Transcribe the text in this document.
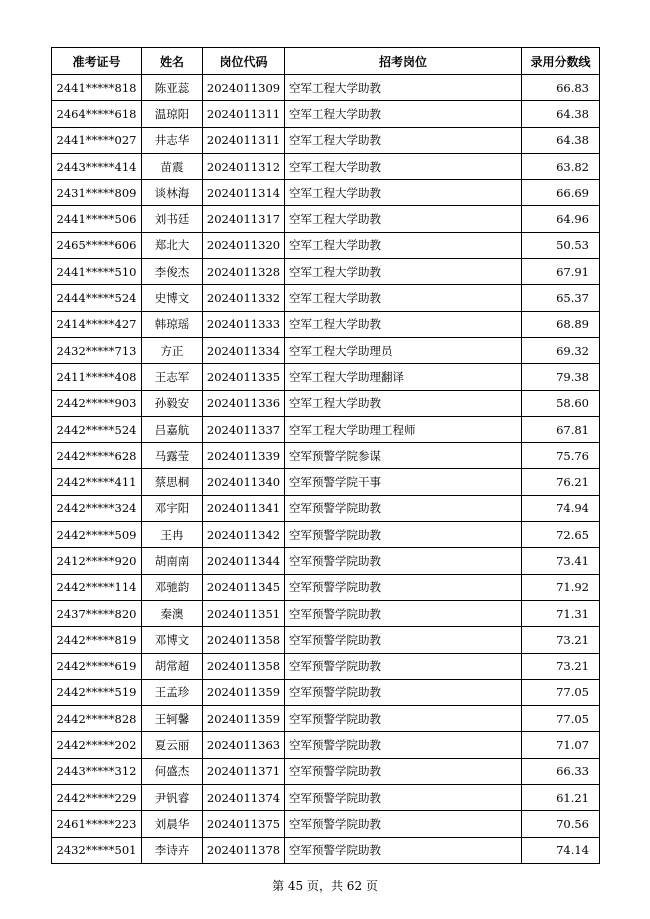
准考证号	姓名	岗位代码	招考岗位	录用分数线
2441*****818	陈亚蕊	2024011309	空军工程大学助教	66.83
2464*****618	温琼阳	2024011311	空军工程大学助教	64.38
2441*****027	井志华	2024011311	空军工程大学助教	64.38
2443*****414	苗震	2024011312	空军工程大学助教	63.82
2431*****809	谈林海	2024011314	空军工程大学助教	66.69
2441*****506	刘书廷	2024011317	空军工程大学助教	64.96
2465*****606	郑北大	2024011320	空军工程大学助教	50.53
2441*****510	李俊杰	2024011328	空军工程大学助教	67.91
2444*****524	史博文	2024011332	空军工程大学助教	65.37
2414*****427	韩琼瑶	2024011333	空军工程大学助教	68.89
2432*****713	方正	2024011334	空军工程大学助理员	69.32
2411*****408	王志军	2024011335	空军工程大学助理翻译	79.38
2442*****903	孙毅安	2024011336	空军工程大学助教	58.60
2442*****524	吕嘉航	2024011337	空军工程大学助理工程师	67.81
2442*****628	马露莹	2024011339	空军预警学院参谋	75.76
2442*****411	蔡思桐	2024011340	空军预警学院干事	76.21
2442*****324	邓宇阳	2024011341	空军预警学院助教	74.94
2442*****509	王冉	2024011342	空军预警学院助教	72.65
2412*****920	胡南南	2024011344	空军预警学院助教	73.41
2442*****114	邓驰韵	2024011345	空军预警学院助教	71.92
2437*****820	秦澳	2024011351	空军预警学院助教	71.31
2442*****819	邓博文	2024011358	空军预警学院助教	73.21
2442*****619	胡常超	2024011358	空军预警学院助教	73.21
2442*****519	王孟珍	2024011359	空军预警学院助教	77.05
2442*****828	王轲馨	2024011359	空军预警学院助教	77.05
2442*****202	夏云丽	2024011363	空军预警学院助教	71.07
2443*****312	何盛杰	2024011371	空军预警学院助教	66.33
2442*****229	尹钒睿	2024011374	空军预警学院助教	61.21
2461*****223	刘晨华	2024011375	空军预警学院助教	70.56
2432*****501	李诗卉	2024011378	空军预警学院助教	74.14
第 45 页，共 62 页
